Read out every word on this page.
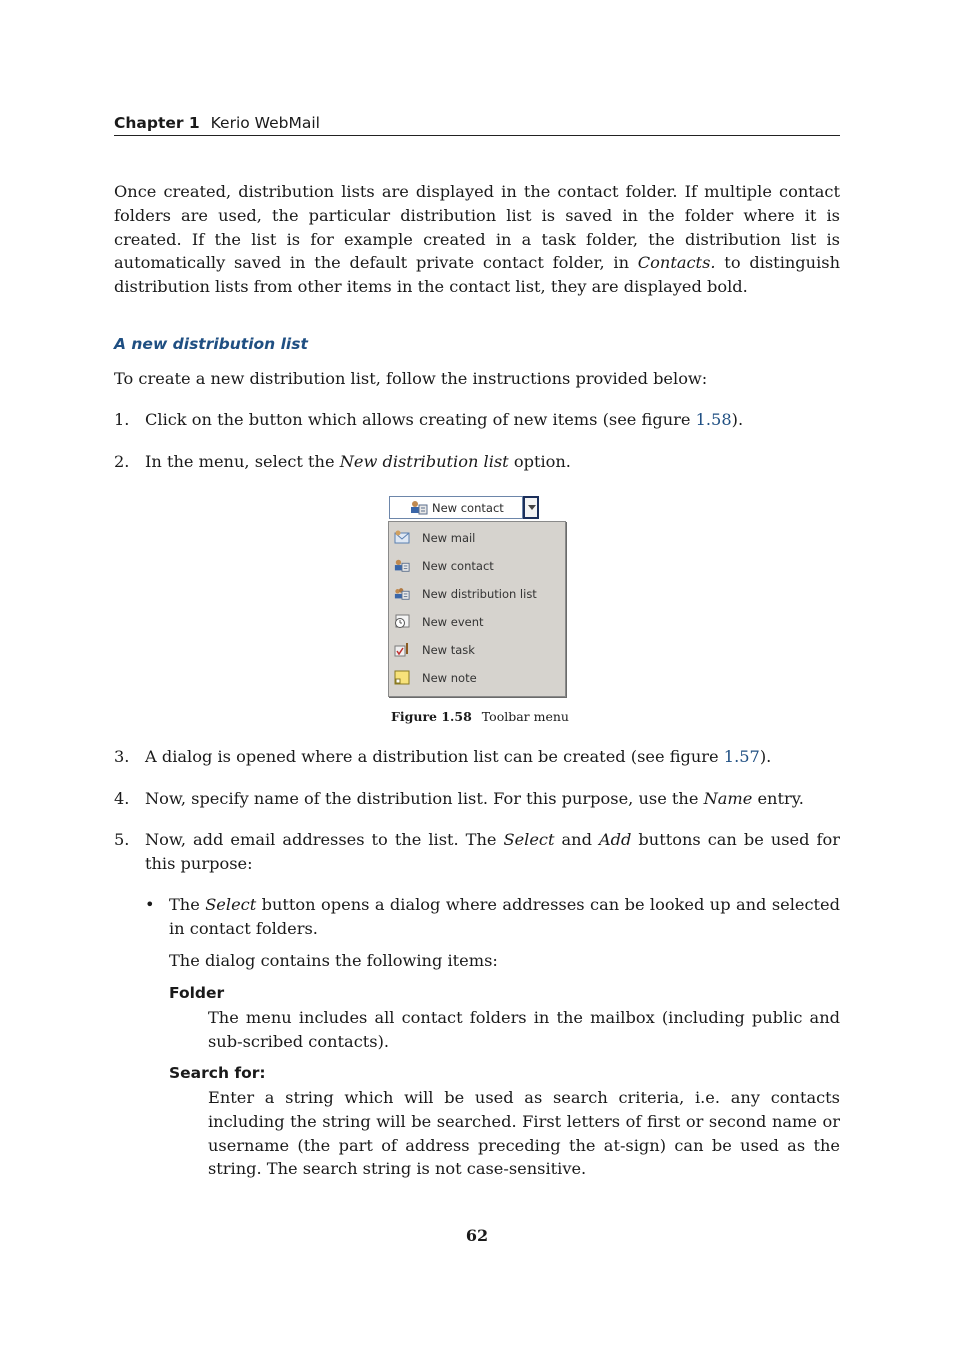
Chapter 1 Kerio WebMail

Once created, distribution lists are displayed in the contact folder. If multiple contact folders are used, the particular distribution list is saved in the folder where it is created. If the list is for example created in a task folder, the distribution list is automatically saved in the default private contact folder, in Contacts. to distinguish distribution lists from other items in the contact list, they are displayed bold.

A new distribution list

To create a new distribution list, follow the instructions provided below:

1. Click on the button which allows creating of new items (see figure 1.58).
2. In the menu, select the New distribution list option.
New contact
New mail
New contact
New distribution list
New event
New task
New note
Figure 1.58 Toolbar menu
3. A dialog is opened where a distribution list can be created (see figure 1.57).
4. Now, specify name of the distribution list. For this purpose, use the Name entry.
5. Now, add email addresses to the list. The Select and Add buttons can be used for this purpose:
• The Select button opens a dialog where addresses can be looked up and selected in contact folders.
The dialog contains the following items:
Folder
The menu includes all contact folders in the mailbox (including public and sub-scribed contacts).
Search for:
Enter a string which will be used as search criteria, i.e. any contacts including the string will be searched. First letters of first or second name or username (the part of address preceding the at-sign) can be used as the string. The search string is not case-sensitive.
62
